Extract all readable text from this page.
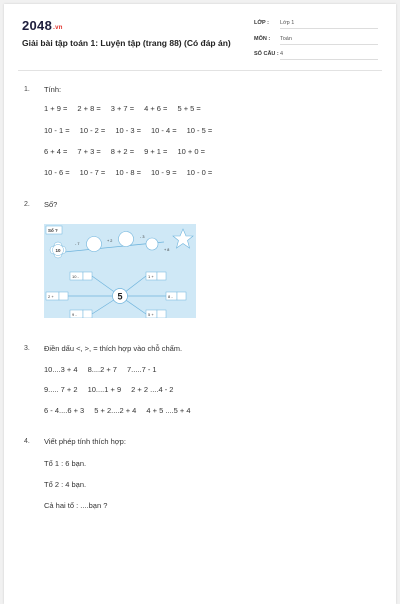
2048.vn
Giải bài tập toán 1: Luyện tập (trang 88) (Có đáp án)
LỚP : Lớp 1
MÔN : Toán
SỐ CÂU :4
1. Tính:
1 + 9 = 2 + 8 = 3 + 7 = 4 + 6 = 5 + 5 =
10 - 1 = 10 - 2 = 10 - 3 = 10 - 4 = 10 - 5 =
6 + 4 = 7 + 3 = 8 + 2 = 9 + 1 = 10 + 0 =
10 - 6 = 10 - 7 = 10 - 8 = 10 - 9 = 10 - 0 =
2. Số?
Số ?
10
- 7
+ 2
- 3
+ 8
5
10 -
2 +
9 -
1 +
8 -
5 +
3. Điền dấu <, >, = thích hợp vào chỗ chấm.
10....3 + 4 8....2 + 7 7.....7 - 1
9..... 7 + 2 10....1 + 9 2 + 2 ....4 - 2
6 - 4....6 + 3 5 + 2....2 + 4 4 + 5 ....5 + 4
4. Viết phép tính thích hợp:
Tổ 1 : 6 bạn.
Tổ 2 : 4 bạn.
Cả hai tổ : ....bạn ?
